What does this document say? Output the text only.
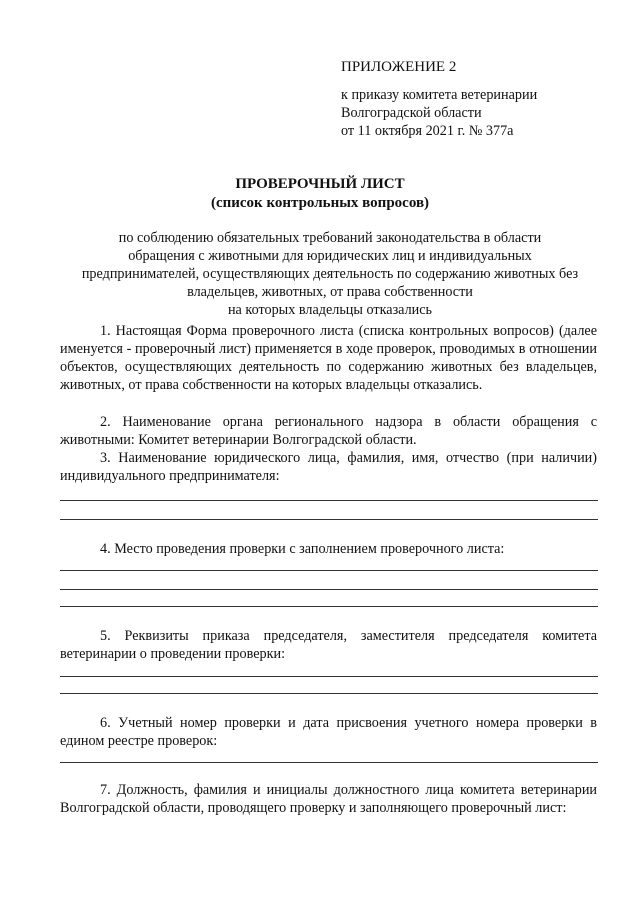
ПРИЛОЖЕНИЕ 2
к приказу комитета ветеринарии
Волгоградской области
от 11 октября 2021 г. № 377а
ПРОВЕРОЧНЫЙ ЛИСТ
(список контрольных вопросов)
по соблюдению обязательных требований законодательства в области
обращения с животными для юридических лиц и индивидуальных
предпринимателей, осуществляющих деятельность по содержанию животных без
владельцев, животных, от права собственности
на которых владельцы отказались
1. Настоящая Форма проверочного листа (списка контрольных вопросов) (далее именуется - проверочный лист) применяется в ходе проверок, проводимых в отношении объектов, осуществляющих деятельность по содержанию животных без владельцев, животных, от права собственности на которых владельцы отказались.
2. Наименование органа регионального надзора в области обращения с животными: Комитет ветеринарии Волгоградской области.
3. Наименование юридического лица, фамилия, имя, отчество (при наличии) индивидуального предпринимателя:
4. Место проведения проверки с заполнением проверочного листа:
5. Реквизиты приказа председателя, заместителя председателя комитета ветеринарии о проведении проверки:
6. Учетный номер проверки и дата присвоения учетного номера проверки в едином реестре проверок:
7. Должность, фамилия и инициалы должностного лица комитета ветеринарии Волгоградской области, проводящего проверку и заполняющего проверочный лист:
